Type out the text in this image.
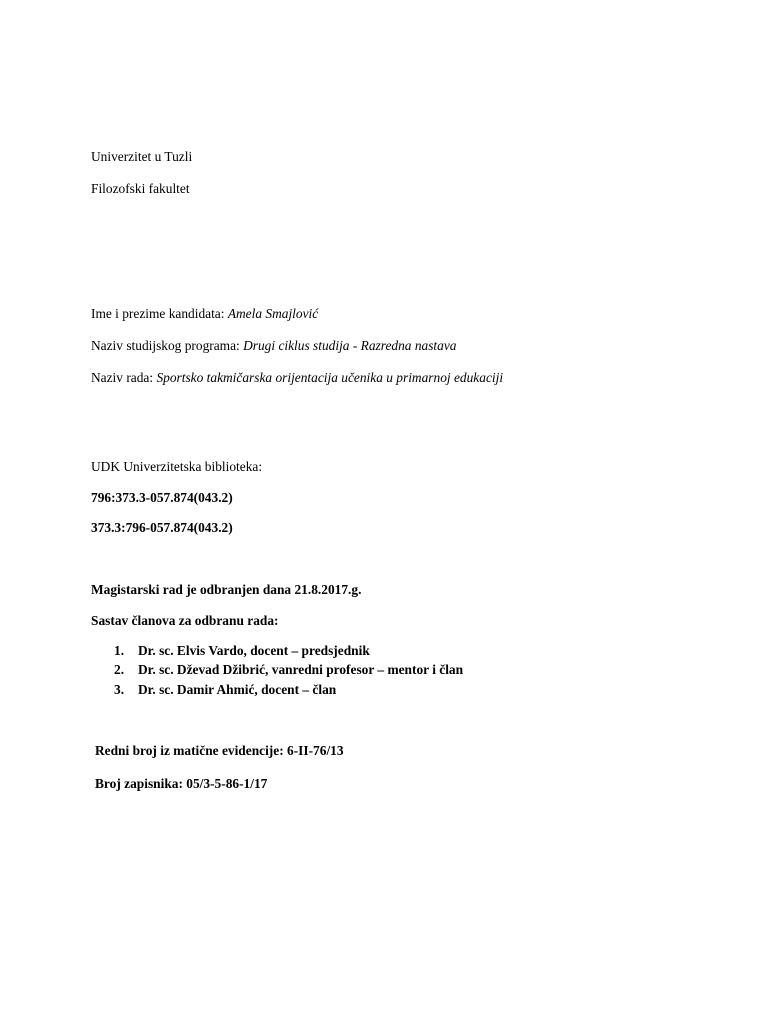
Univerzitet u Tuzli
Filozofski fakultet
Ime i prezime kandidata: Amela Smajlović
Naziv studijskog programa: Drugi ciklus studija - Razredna nastava
Naziv rada: Sportsko takmičarska orijentacija učenika u primarnoj edukaciji
UDK Univerzitetska biblioteka:
796:373.3-057.874(043.2)
373.3:796-057.874(043.2)
Magistarski rad je odbranjen dana 21.8.2017.g.
Sastav članova za odbranu rada:
1. Dr. sc. Elvis Vardo, docent – predsjednik
2. Dr. sc. Dževad Džibrić, vanredni profesor – mentor i član
3. Dr. sc. Damir Ahmić, docent – član
Redni broj iz matične evidencije: 6-II-76/13
Broj zapisnika: 05/3-5-86-1/17
